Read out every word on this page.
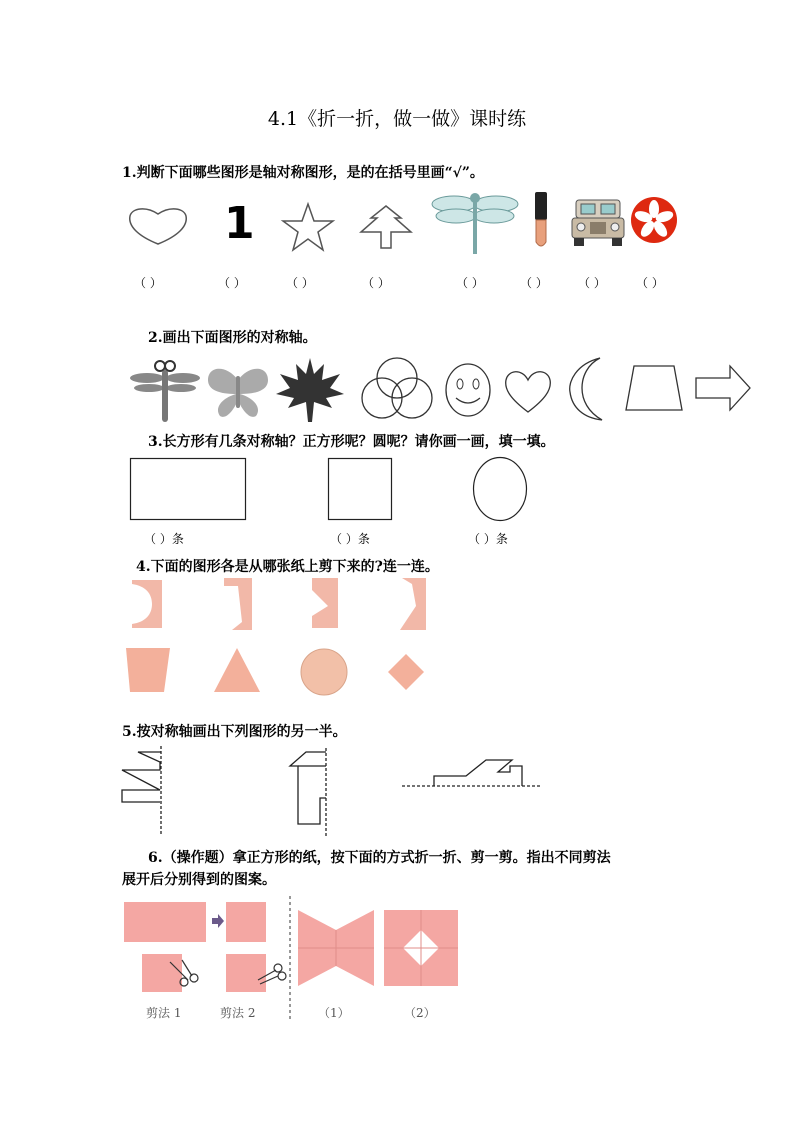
4.1《折一折，做一做》课时练
1.判断下面哪些图形是轴对称图形，是的在括号里画“√”。
1
（ ）	（ ）	（ ）	（ ）	（ ）	（ ）	（ ）	（ ）
2.画出下面图形的对称轴。
3.长方形有几条对称轴？正方形呢？圆呢？请你画一画，填一填。
（ ）条	（ ）条	（ ）条
4.下面的图形各是从哪张纸上剪下来的?连一连。
5.按对称轴画出下列图形的另一半。
6.（操作题）拿正方形的纸，按下面的方式折一折、剪一剪。指出不同剪法
展开后分别得到的图案。
剪法 1	剪法 2	（1）	（2）
